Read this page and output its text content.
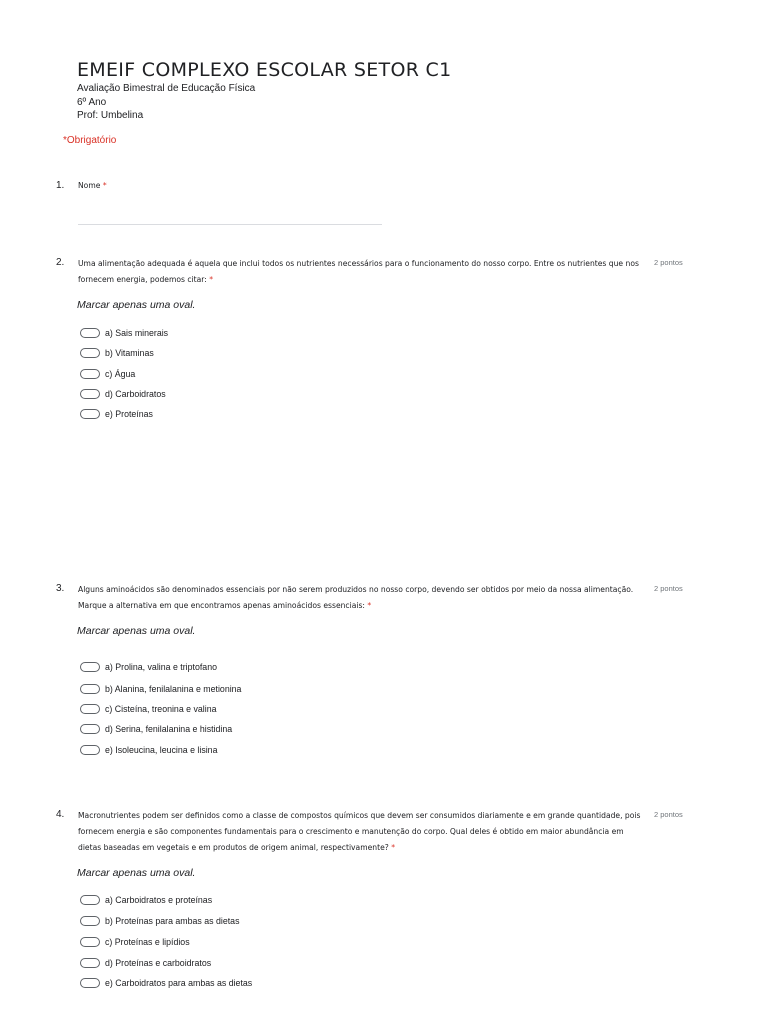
EMEIF COMPLEXO ESCOLAR SETOR C1
Avaliação Bimestral de Educação Física
6º Ano
Prof: Umbelina
*Obrigatório
1. Nome *
2. Uma alimentação adequada é aquela que inclui todos os nutrientes necessários para o funcionamento do nosso corpo. Entre os nutrientes que nos fornecem energia, podemos citar: *
2 pontos
Marcar apenas uma oval.
a) Sais minerais
b) Vitaminas
c) Água
d) Carboidratos
e) Proteínas
3. Alguns aminoácidos são denominados essenciais por não serem produzidos no nosso corpo, devendo ser obtidos por meio da nossa alimentação. Marque a alternativa em que encontramos apenas aminoácidos essenciais: *
2 pontos
Marcar apenas uma oval.
a) Prolina, valina e triptofano
b) Alanina, fenilalanina e metionina
c) Cisteína, treonina e valina
d) Serina, fenilalanina e histidina
e) Isoleucina, leucina e lisina
4. Macronutrientes podem ser definidos como a classe de compostos químicos que devem ser consumidos diariamente e em grande quantidade, pois fornecem energia e são componentes fundamentais para o crescimento e manutenção do corpo. Qual deles é obtido em maior abundância em dietas baseadas em vegetais e em produtos de origem animal, respectivamente? *
2 pontos
Marcar apenas uma oval.
a) Carboidratos e proteínas
b) Proteínas para ambas as dietas
c) Proteínas e lipídios
d) Proteínas e carboidratos
e) Carboidratos para ambas as dietas
